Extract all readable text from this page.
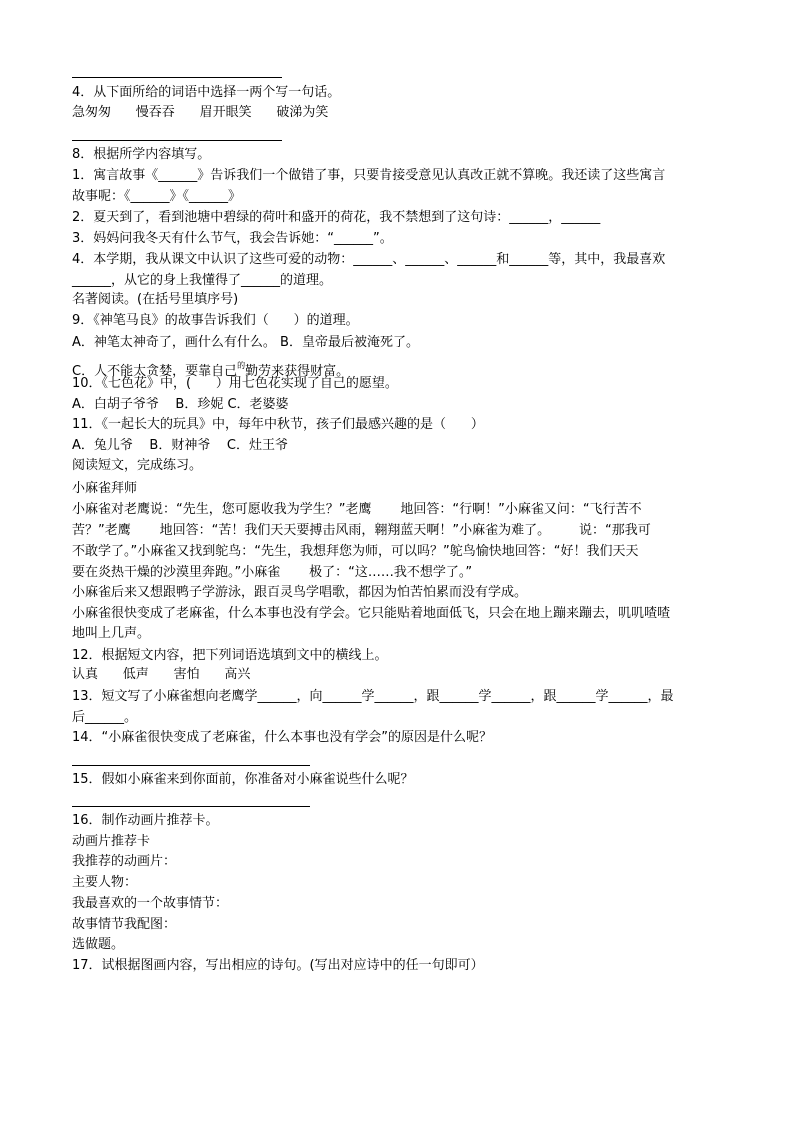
4．从下面所给的词语中选择一两个写一句话。
急匆匆      慢吞吞      眉开眼笑      破涕为笑
8．根据所学内容填写。
1．寓言故事《______》告诉我们一个做错了事，只要肯接受意见认真改正就不算晚。我还读了这些寓言
故事呢：《______》《______》
2．夏天到了，看到池塘中碧绿的荷叶和盛开的荷花，我不禁想到了这句诗：______，______
3．妈妈问我冬天有什么节气，我会告诉她：“______”。
4．本学期，我从课文中认识了这些可爱的动物：______、______、______和______等，其中，我最喜欢
______，从它的身上我懂得了______的道理。
名著阅读。(在括号里填序号)
9．《神笔马良》的故事告诉我们（      ）的道理。
A．神笔太神奇了，画什么有什么。 B．皇帝最后被淹死了。
C．人不能太贪婪，要靠自己$^的$勤劳来获得财富。
10．《七色花》中，(      ）用七色花实现了自己的愿望。
A．白胡子爷爷    B．珍妮 C．老婆婆
11．《一起长大的玩具》中，每年中秋节，孩子们最感兴趣的是（      ）
A．兔儿爷    B．财神爷    C．灶王爷
阅读短文，完成练习。
小麻雀拜师
小麻雀对老鹰说：“先生，您可愿收我为学生？”老鹰       地回答：“行啊！”小麻雀又问：“飞行苦不
苦？”老鹰       地回答：“苦！我们天天要搏击风雨，翱翔蓝天啊！”小麻雀为难了。       说：“那我可
不敢学了。”小麻雀又找到鸵鸟：“先生，我想拜您为师，可以吗？”鸵鸟愉快地回答：“好！我们天天
要在炎热干燥的沙漠里奔跑。”小麻雀       极了：“这……我不想学了。”
小麻雀后来又想跟鸭子学游泳，跟百灵鸟学唱歌，都因为怕苦怕累而没有学成。
小麻雀很快变成了老麻雀，什么本事也没有学会。它只能贴着地面低飞，只会在地上蹦来蹦去，叽叽喳喳
地叫上几声。
12．根据短文内容，把下列词语选填到文中的横线上。
认真      低声      害怕      高兴
13．短文写了小麻雀想向老鹰学______，向______学______，跟______学______，跟______学______，最
后______。
14．“小麻雀很快变成了老麻雀，什么本事也没有学会”的原因是什么呢？
15．假如小麻雀来到你面前，你准备对小麻雀说些什么呢？
16．制作动画片推荐卡。
动画片推荐卡
我推荐的动画片：
主要人物：
我最喜欢的一个故事情节：
故事情节我配图：
选做题。
17．试根据图画内容，写出相应的诗句。(写出对应诗中的任一句即可）
